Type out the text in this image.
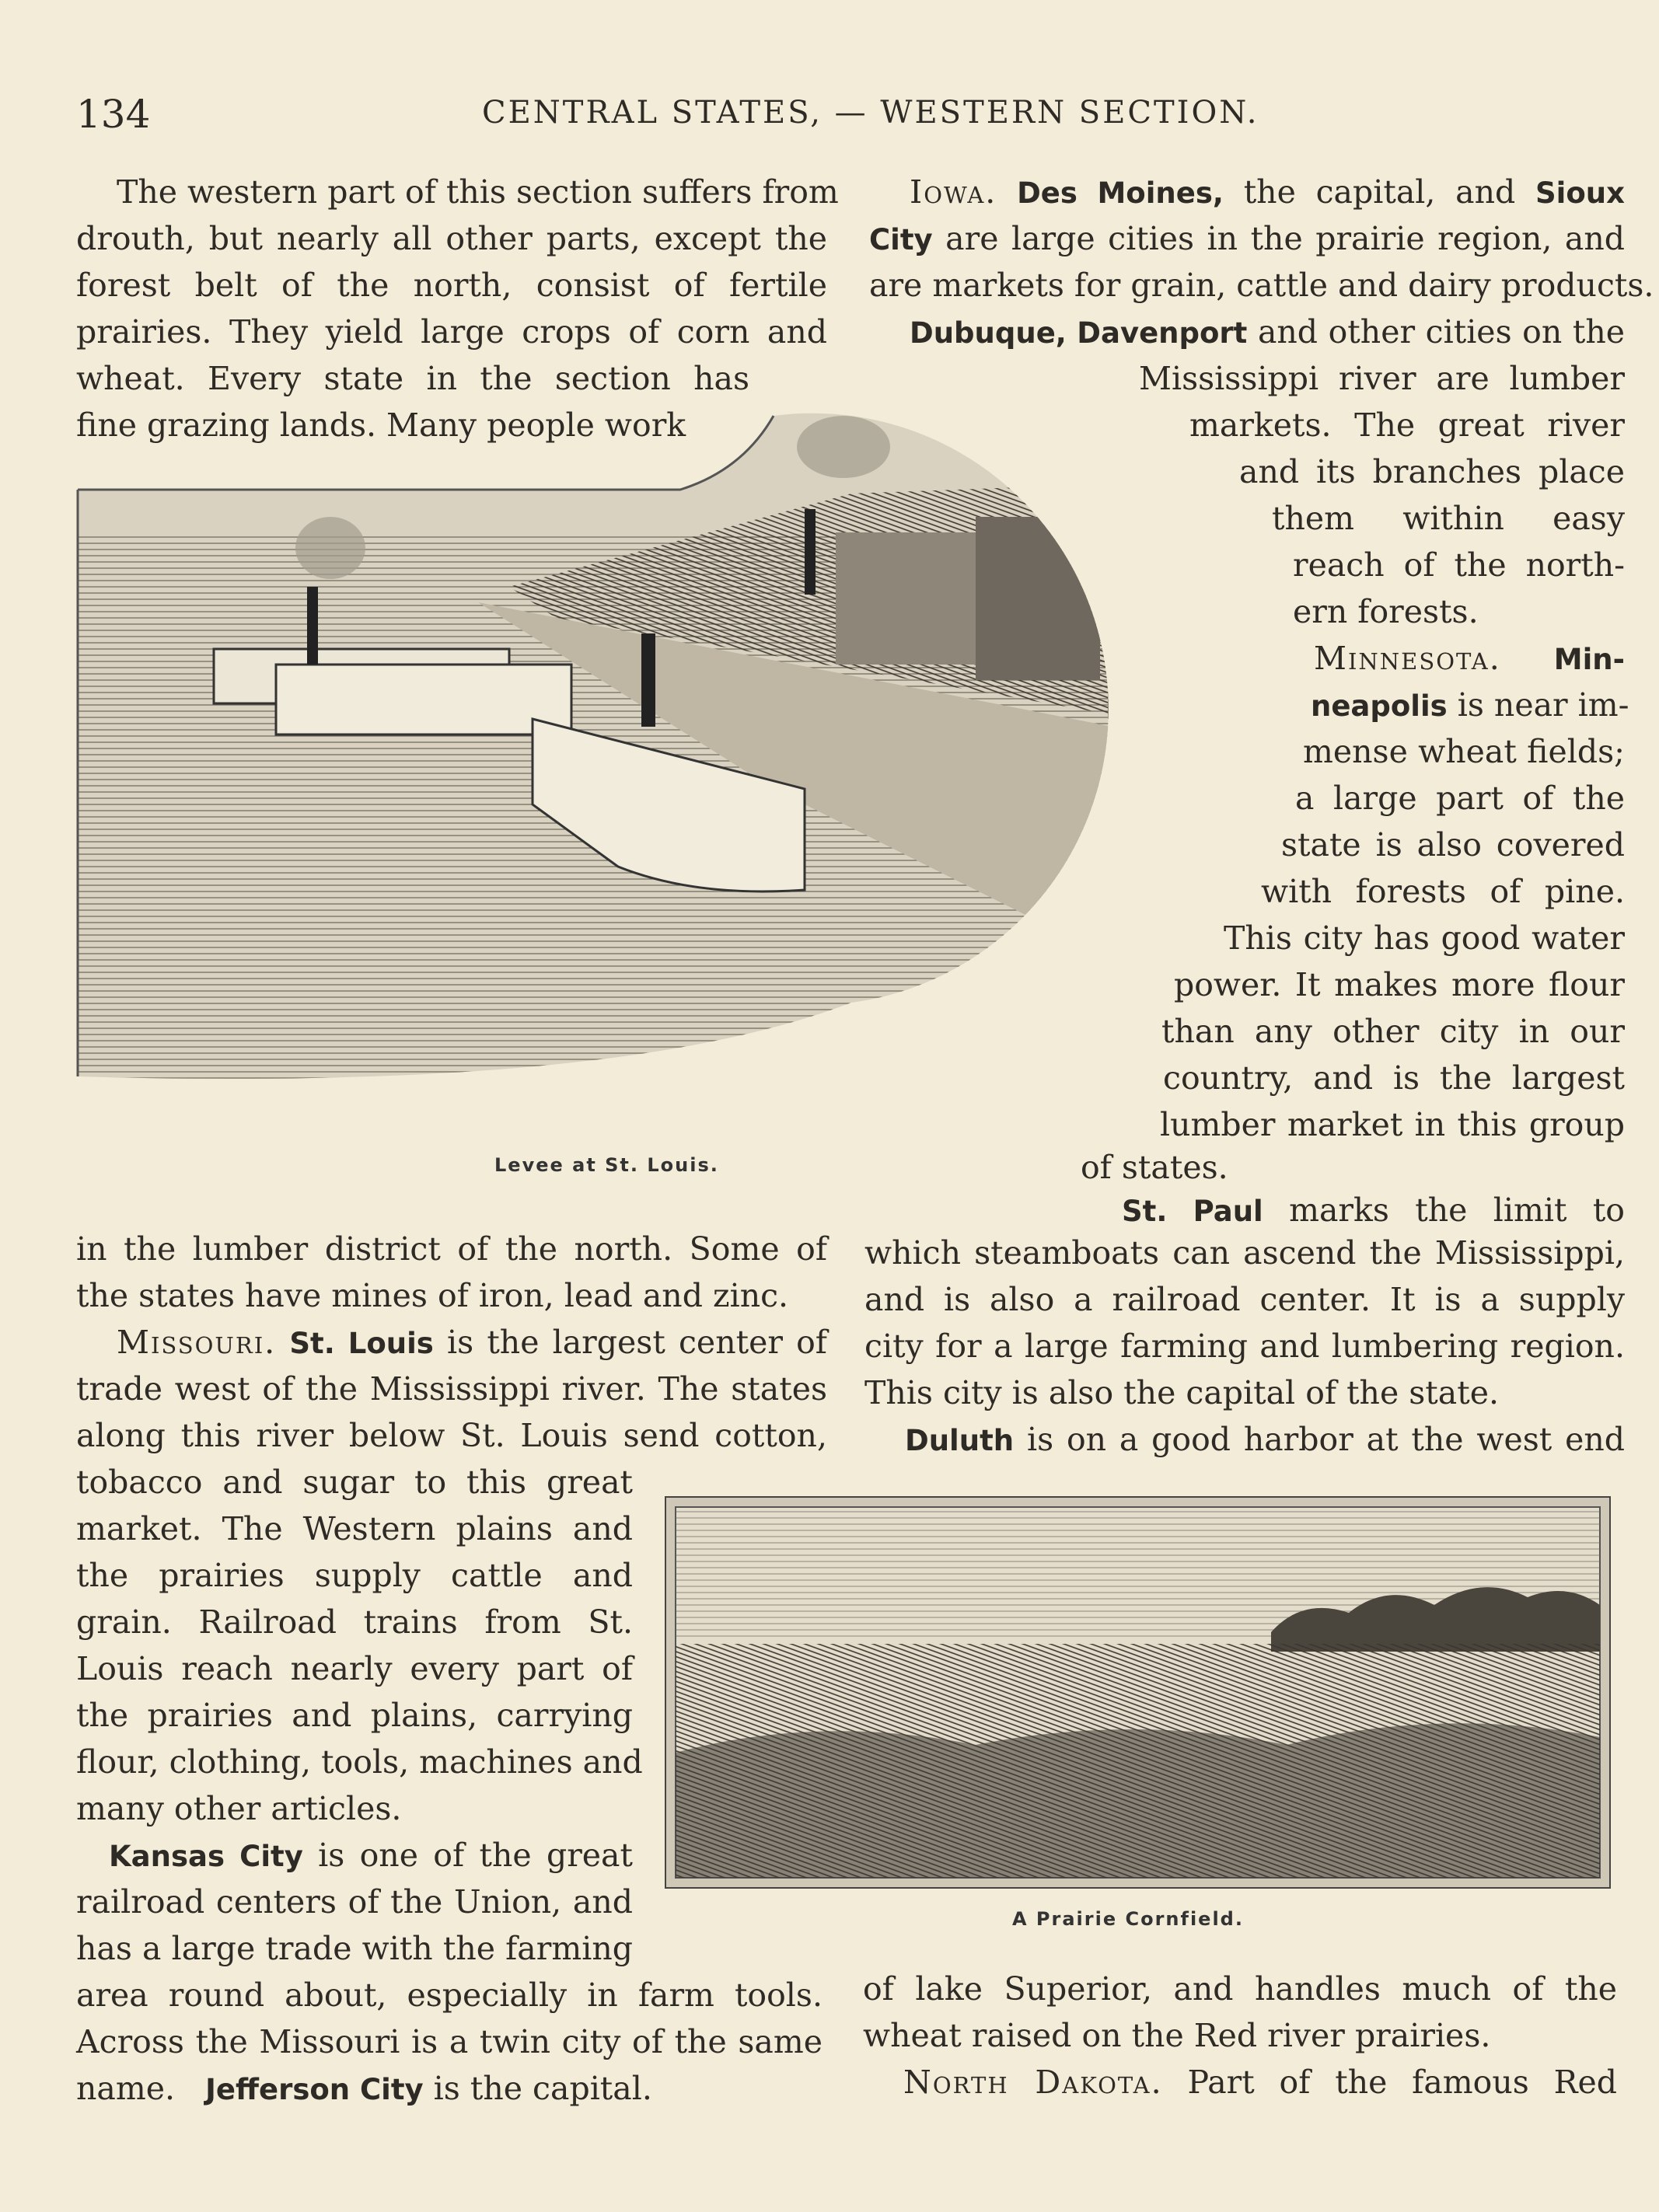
134	CENTRAL STATES, — WESTERN SECTION.
Levee at St. Louis.
A Prairie Cornfield.
The western part of this section suffers from
drouth, but nearly all other parts, except the
forest belt of the north, consist of fertile
prairies. They yield large crops of corn and
wheat. Every state in the section has
fine grazing lands. Many people work
in the lumber district of the north. Some of
the states have mines of iron, lead and zinc.
Missouri. St. Louis is the largest center of
trade west of the Mississippi river. The states
along this river below St. Louis send cotton,
tobacco and sugar to this great
market. The Western plains and
the prairies supply cattle and
grain. Railroad trains from St.
Louis reach nearly every part of
the prairies and plains, carrying
flour, clothing, tools, machines and
many other articles.
Kansas City is one of the great
railroad centers of the Union, and
has a large trade with the farming
area round about, especially in farm tools.
Across the Missouri is a twin city of the same
name. Jefferson City is the capital.
Iowa. Des Moines, the capital, and Sioux
City are large cities in the prairie region, and
are markets for grain, cattle and dairy products.
Dubuque, Davenport and other cities on the
Mississippi river are lumber
markets. The great river
and its branches place
them within easy
reach of the north-
ern forests.
Minnesota. Min-
neapolis is near im-
mense wheat fields;
a large part of the
state is also covered
with forests of pine.
This city has good water
power. It makes more flour
than any other city in our
country, and is the largest
lumber market in this group
of states.
St. Paul marks the limit to
which steamboats can ascend the Mississippi,
and is also a railroad center. It is a supply
city for a large farming and lumbering region.
This city is also the capital of the state.
Duluth is on a good harbor at the west end
of lake Superior, and handles much of the
wheat raised on the Red river prairies.
North Dakota. Part of the famous Red
